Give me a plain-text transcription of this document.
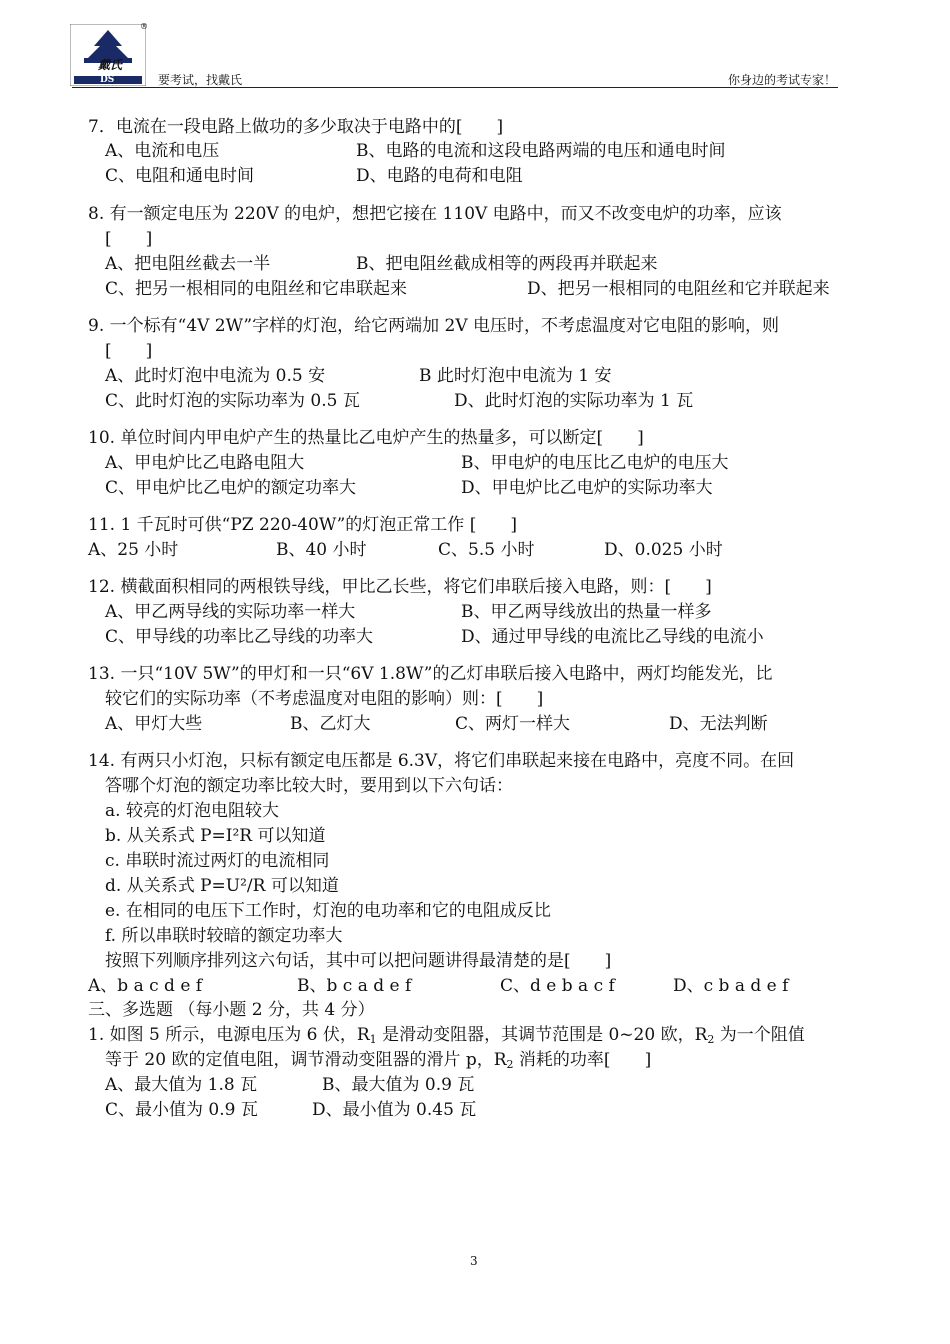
戴氏
DS
®
要考试，找戴氏	你身边的考试专家！
7．电流在一段电路上做功的多少取决于电路中的[　　]
A、电流和电压	B、电路的电流和这段电路两端的电压和通电时间
C、电阻和通电时间	D、电路的电荷和电阻
8. 有一额定电压为 220V 的电炉，想把它接在 110V 电路中，而又不改变电炉的功率，应该
[　　]
A、把电阻丝截去一半	B、把电阻丝截成相等的两段再并联起来
C、把另一根相同的电阻丝和它串联起来	D、把另一根相同的电阻丝和它并联起来
9. 一个标有“4V 2W”字样的灯泡，给它两端加 2V 电压时，不考虑温度对它电阻的影响，则
[　　]
A、此时灯泡中电流为 0.5 安	B 此时灯泡中电流为 1 安
C、此时灯泡的实际功率为 0.5 瓦	D、此时灯泡的实际功率为 1 瓦
10. 单位时间内甲电炉产生的热量比乙电炉产生的热量多，可以断定[　　]
A、甲电炉比乙电路电阻大	B、甲电炉的电压比乙电炉的电压大
C、甲电炉比乙电炉的额定功率大	D、甲电炉比乙电炉的实际功率大
11. 1 千瓦时可供“PZ 220-40W”的灯泡正常工作 [　　]
A、25 小时	B、40 小时	C、5.5 小时	D、0.025 小时
12. 横截面积相同的两根铁导线，甲比乙长些，将它们串联后接入电路，则：[　　]
A、甲乙两导线的实际功率一样大	B、甲乙两导线放出的热量一样多
C、甲导线的功率比乙导线的功率大	D、通过甲导线的电流比乙导线的电流小
13. 一只“10V 5W”的甲灯和一只“6V 1.8W”的乙灯串联后接入电路中，两灯均能发光，比
较它们的实际功率（不考虑温度对电阻的影响）则：[　　]
A、甲灯大些	B、乙灯大	C、两灯一样大	D、无法判断
14. 有两只小灯泡，只标有额定电压都是 6.3V，将它们串联起来接在电路中，亮度不同。在回
答哪个灯泡的额定功率比较大时，要用到以下六句话：
a. 较亮的灯泡电阻较大
b. 从关系式 P=I²R 可以知道
c. 串联时流过两灯的电流相同
d. 从关系式 P=U²/R 可以知道
e. 在相同的电压下工作时，灯泡的电功率和它的电阻成反比
f. 所以串联时较暗的额定功率大
按照下列顺序排列这六句话，其中可以把问题讲得最清楚的是[　　]
A、b a c d e f	B、b c a d e f	C、d e b a c f	D、c b a d e f
三、多选题 （每小题 2 分，共 4 分）
1. 如图 5 所示，电源电压为 6 伏，$R_1$ 是滑动变阻器，其调节范围是 0~20 欧，$R_2$ 为一个阻值
等于 20 欧的定值电阻，调节滑动变阻器的滑片 p，$R_2$ 消耗的功率[　　]
A、最大值为 1.8 瓦	B、最大值为 0.9 瓦
C、最小值为 0.9 瓦	D、最小值为 0.45 瓦
3
